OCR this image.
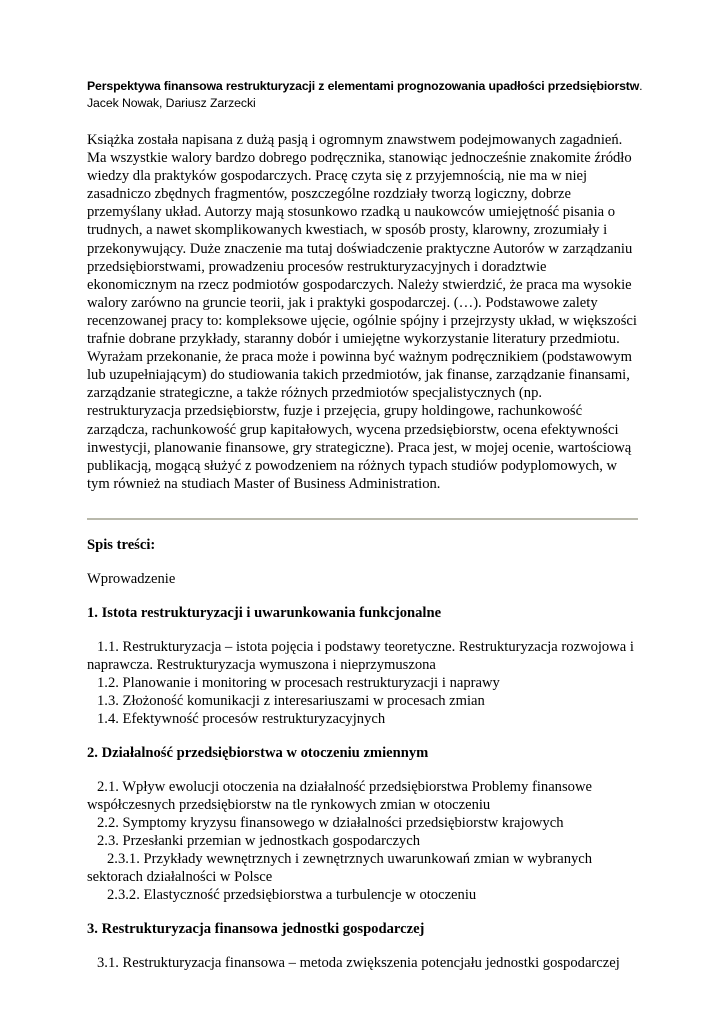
Perspektywa finansowa restrukturyzacji z elementami prognozowania upadłości przedsiębiorstw.
Jacek Nowak, Dariusz Zarzecki
Książka została napisana z dużą pasją i ogromnym znawstwem podejmowanych zagadnień.
Ma wszystkie walory bardzo dobrego podręcznika, stanowiąc jednocześnie znakomite źródło
wiedzy dla praktyków gospodarczych. Pracę czyta się z przyjemnością, nie ma w niej
zasadniczo zbędnych fragmentów, poszczególne rozdziały tworzą logiczny, dobrze
przemyślany układ. Autorzy mają stosunkowo rzadką u naukowców umiejętność pisania o
trudnych, a nawet skomplikowanych kwestiach, w sposób prosty, klarowny, zrozumiały i
przekonywujący. Duże znaczenie ma tutaj doświadczenie praktyczne Autorów w zarządzaniu
przedsiębiorstwami, prowadzeniu procesów restrukturyzacyjnych i doradztwie
ekonomicznym na rzecz podmiotów gospodarczych. Należy stwierdzić, że praca ma wysokie
walory zarówno na gruncie teorii, jak i praktyki gospodarczej. (…). Podstawowe zalety
recenzowanej pracy to: kompleksowe ujęcie, ogólnie spójny i przejrzysty układ, w większości
trafnie dobrane przykłady, staranny dobór i umiejętne wykorzystanie literatury przedmiotu.
Wyrażam przekonanie, że praca może i powinna być ważnym podręcznikiem (podstawowym
lub uzupełniającym) do studiowania takich przedmiotów, jak finanse, zarządzanie finansami,
zarządzanie strategiczne, a także różnych przedmiotów specjalistycznych (np.
restrukturyzacja przedsiębiorstw, fuzje i przejęcia, grupy holdingowe, rachunkowość
zarządcza, rachunkowość grup kapitałowych, wycena przedsiębiorstw, ocena efektywności
inwestycji, planowanie finansowe, gry strategiczne). Praca jest, w mojej ocenie, wartościową
publikacją, mogącą służyć z powodzeniem na różnych typach studiów podyplomowych, w
tym również na studiach Master of Business Administration.
Spis treści:
Wprowadzenie
1. Istota restrukturyzacji i uwarunkowania funkcjonalne
1.1. Restrukturyzacja – istota pojęcia i podstawy teoretyczne. Restrukturyzacja rozwojowa i
naprawcza. Restrukturyzacja wymuszona i nieprzymuszona
1.2. Planowanie i monitoring w procesach restrukturyzacji i naprawy
1.3. Złożoność komunikacji z interesariuszami w procesach zmian
1.4. Efektywność procesów restrukturyzacyjnych
2. Działalność przedsiębiorstwa w otoczeniu zmiennym
2.1. Wpływ ewolucji otoczenia na działalność przedsiębiorstwa Problemy finansowe
współczesnych przedsiębiorstw na tle rynkowych zmian w otoczeniu
2.2. Symptomy kryzysu finansowego w działalności przedsiębiorstw krajowych
2.3. Przesłanki przemian w jednostkach gospodarczych
2.3.1. Przykłady wewnętrznych i zewnętrznych uwarunkowań zmian w wybranych
sektorach działalności w Polsce
2.3.2. Elastyczność przedsiębiorstwa a turbulencje w otoczeniu
3. Restrukturyzacja finansowa jednostki gospodarczej
3.1. Restrukturyzacja finansowa – metoda zwiększenia potencjału jednostki gospodarczej
